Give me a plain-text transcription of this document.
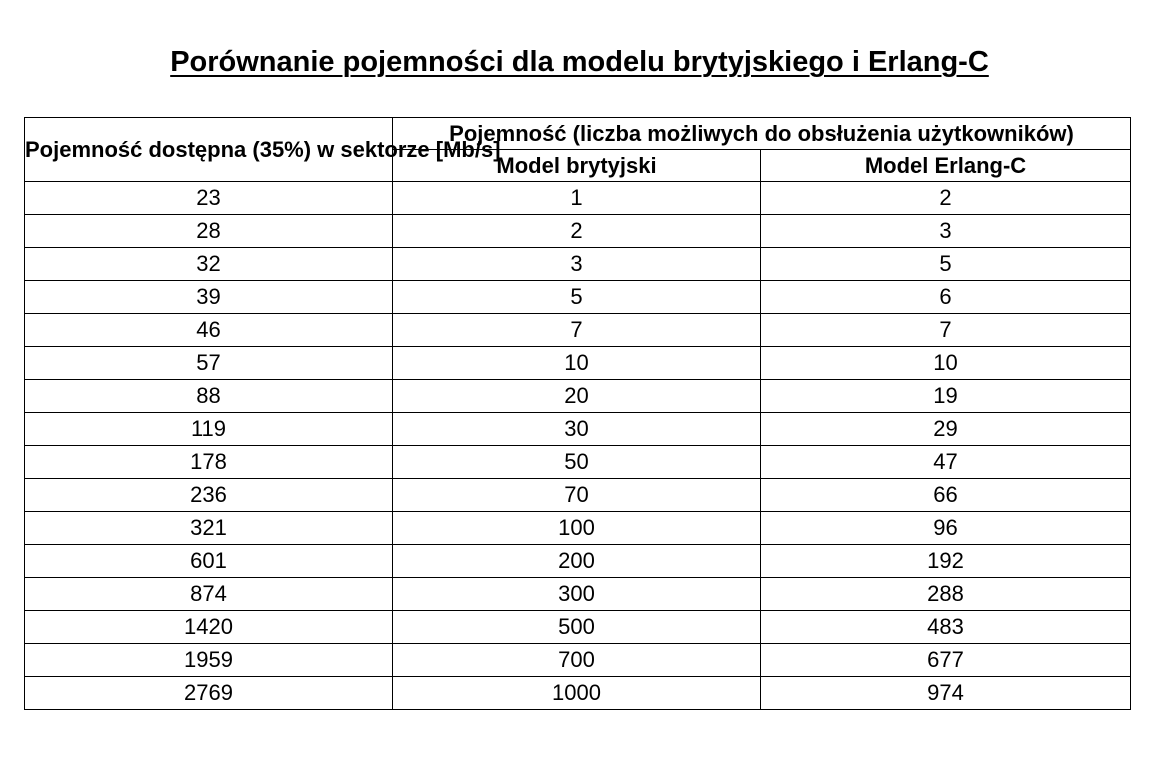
Porównanie pojemności dla modelu brytyjskiego i Erlang-C
Pojemność dostępna (35%) w sektorze [Mb/s]	Pojemność (liczba możliwych do obsłużenia użytkowników)	
	Model brytyjski	Model Erlang-C
23	1	2
28	2	3
32	3	5
39	5	6
46	7	7
57	10	10
88	20	19
119	30	29
178	50	47
236	70	66
321	100	96
601	200	192
874	300	288
1420	500	483
1959	700	677
2769	1000	974
